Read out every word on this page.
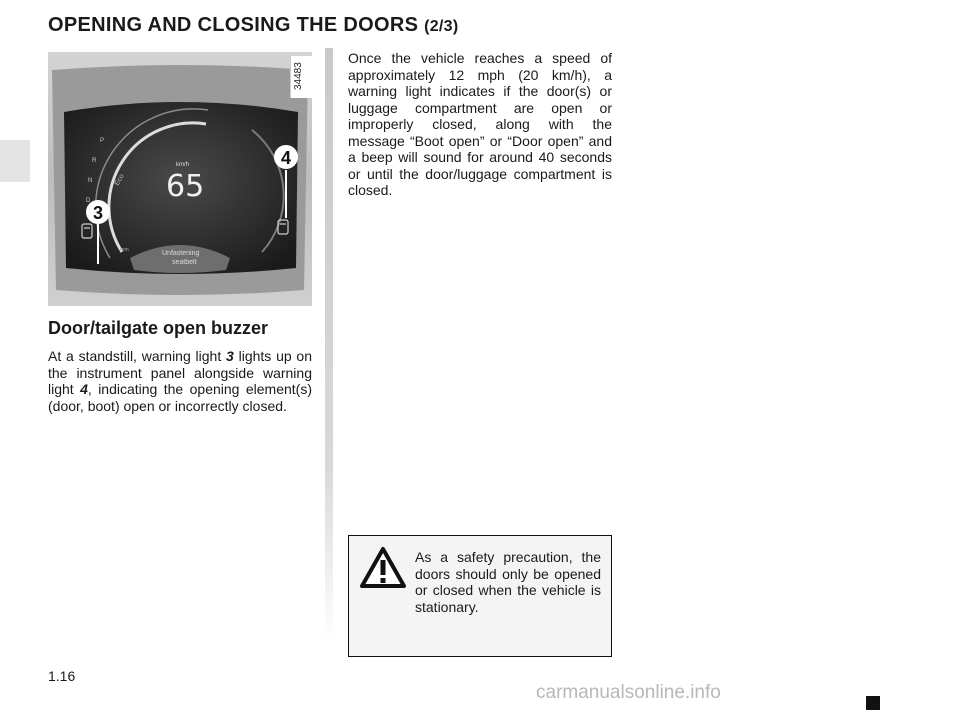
OPENING AND CLOSING THE DOORS (2/3)
P
R
N
D
Eco
km/h
65
rpm	Unfastening
seatbelt
3
4
34483
Door/tailgate open buzzer

At a standstill, warning light 3 lights up on the instrument panel alongside warning light 4, indicating the opening element(s) (door, boot) open or incorrectly closed.

Once the vehicle reaches a speed of approximately 12 mph (20 km/h), a warning light indicates if the door(s) or luggage compartment are open or improperly closed, along with the message “Boot open” or “Door open” and a beep will sound for around 40 seconds or until the door/luggage compartment is closed.

As a safety precaution, the doors should only be opened or closed when the vehicle is stationary.

1.16
carmanualsonline.info
